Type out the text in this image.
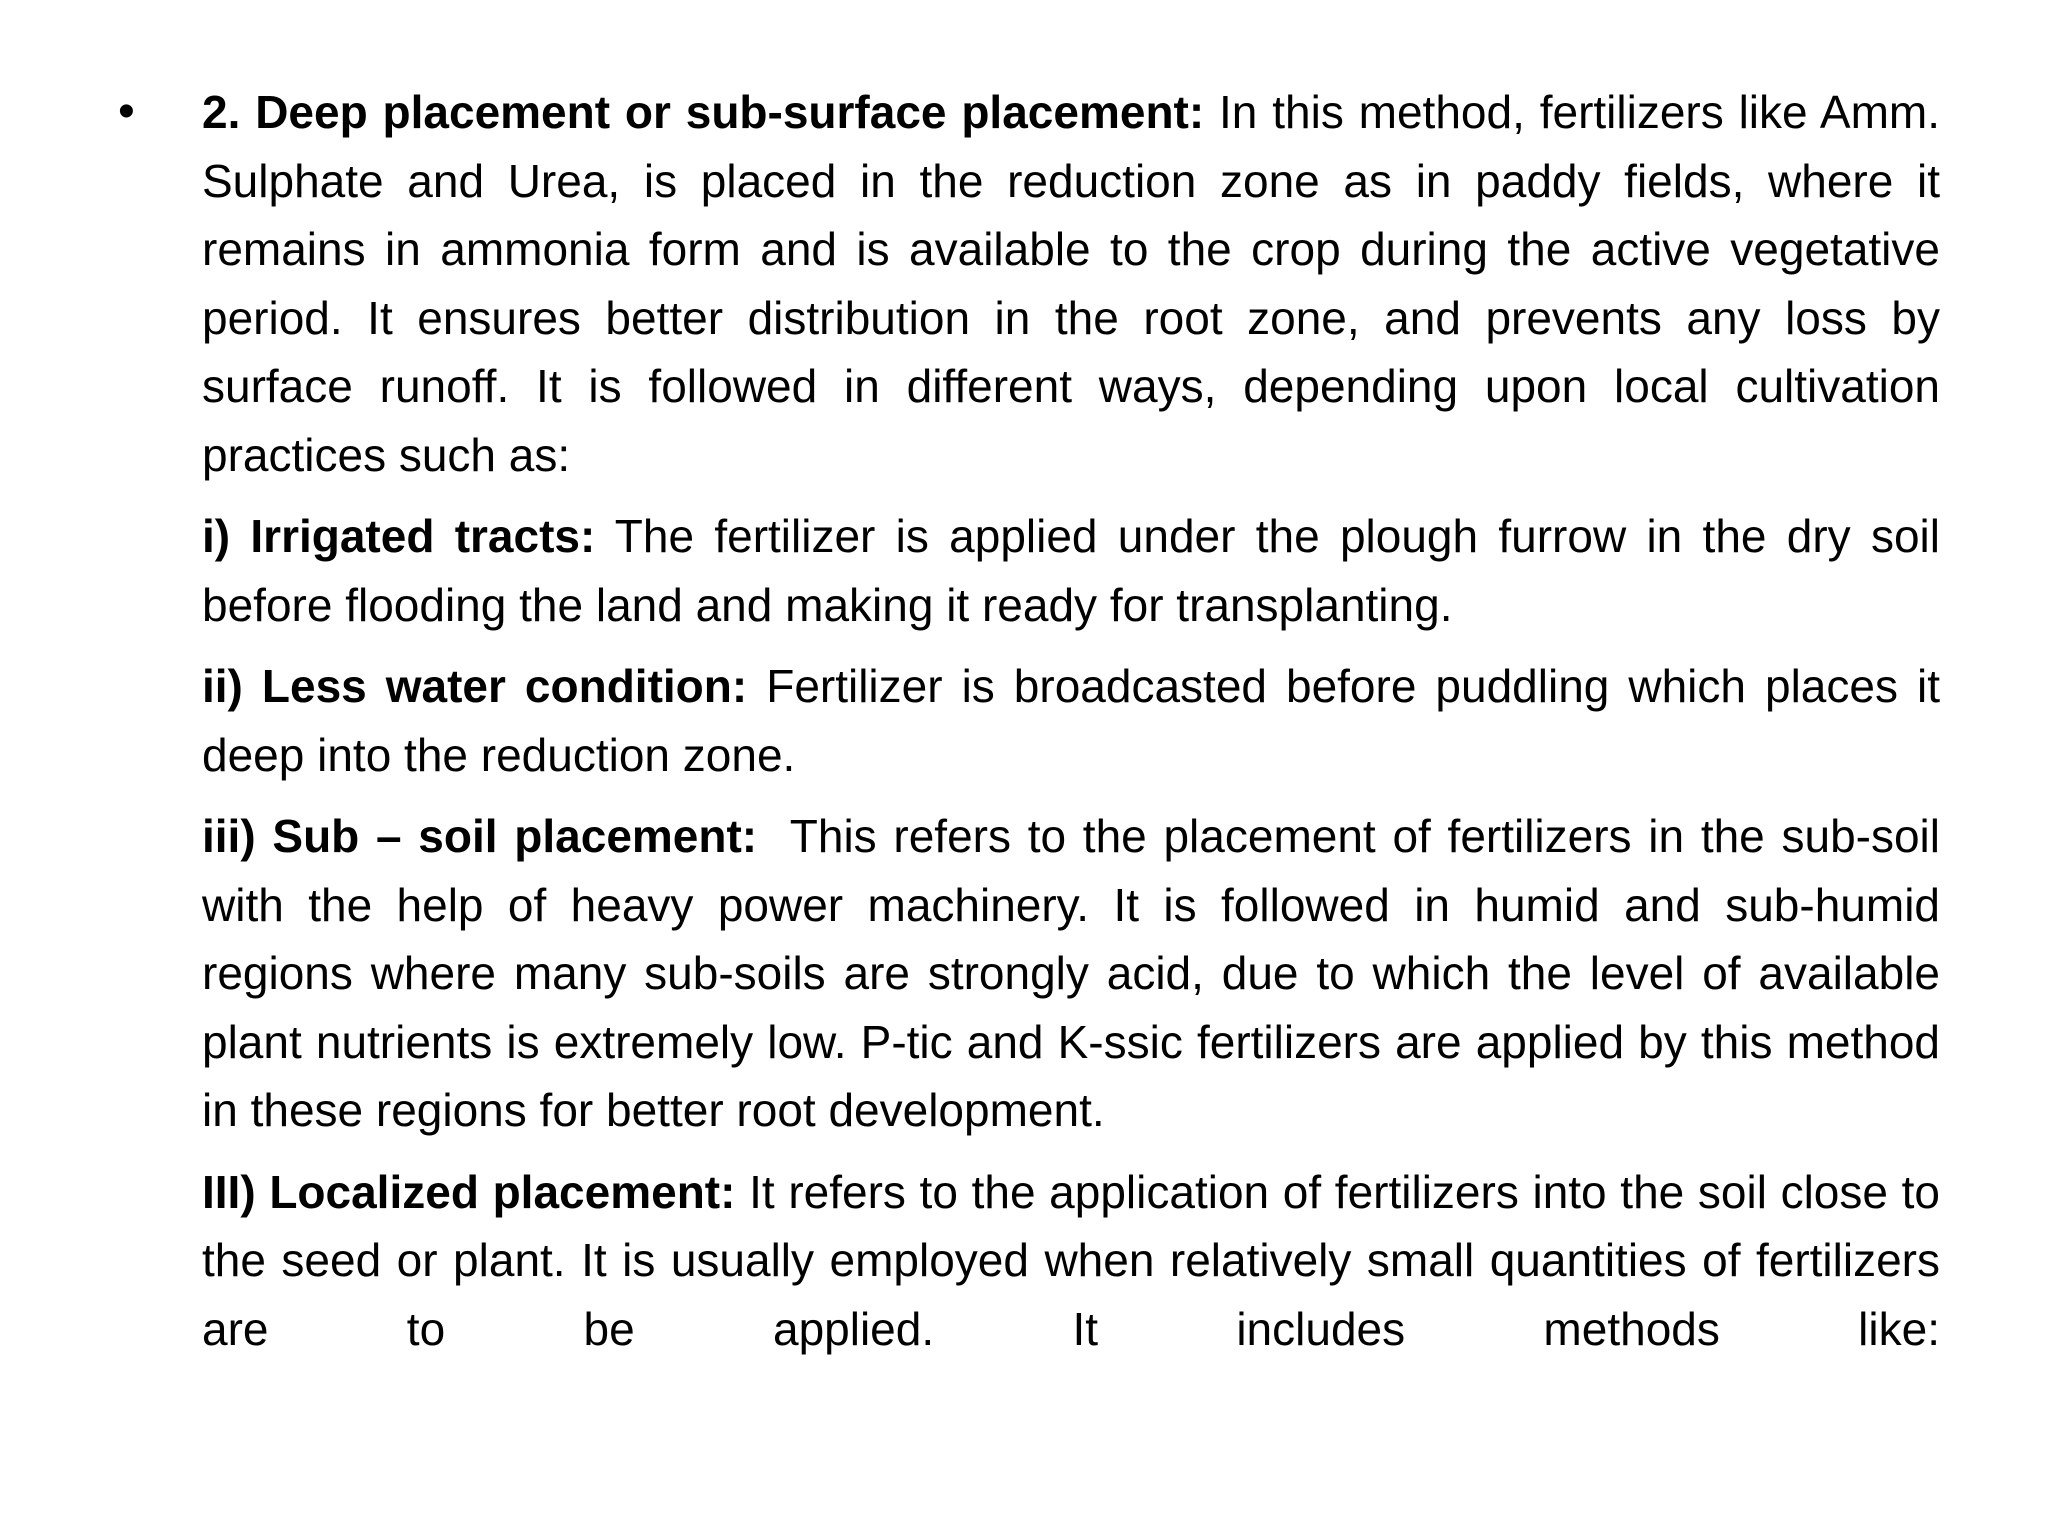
• 2. Deep placement or sub-surface placement: In this method, fertilizers like Amm. Sulphate and Urea, is placed in the reduction zone as in paddy fields, where it remains in ammonia form and is available to the crop during the active vegetative period. It ensures better distribution in the root zone, and prevents any loss by surface runoff. It is followed in different ways, depending upon local cultivation practices such as:

i) Irrigated tracts: The fertilizer is applied under the plough furrow in the dry soil before flooding the land and making it ready for transplanting.

ii) Less water condition: Fertilizer is broadcasted before puddling which places it deep into the reduction zone.

iii) Sub – soil placement:  This refers to the placement of fertilizers in the sub-soil with the help of heavy power machinery. It is followed in humid and sub-humid regions where many sub-soils are strongly acid, due to which the level of available plant nutrients is extremely low. P-tic and K-ssic fertilizers are applied by this method in these regions for better root development.

III) Localized placement: It refers to the application of fertilizers into the soil close to the seed or plant. It is usually employed when relatively small quantities of fertilizers are to be applied. It includes methods like:
